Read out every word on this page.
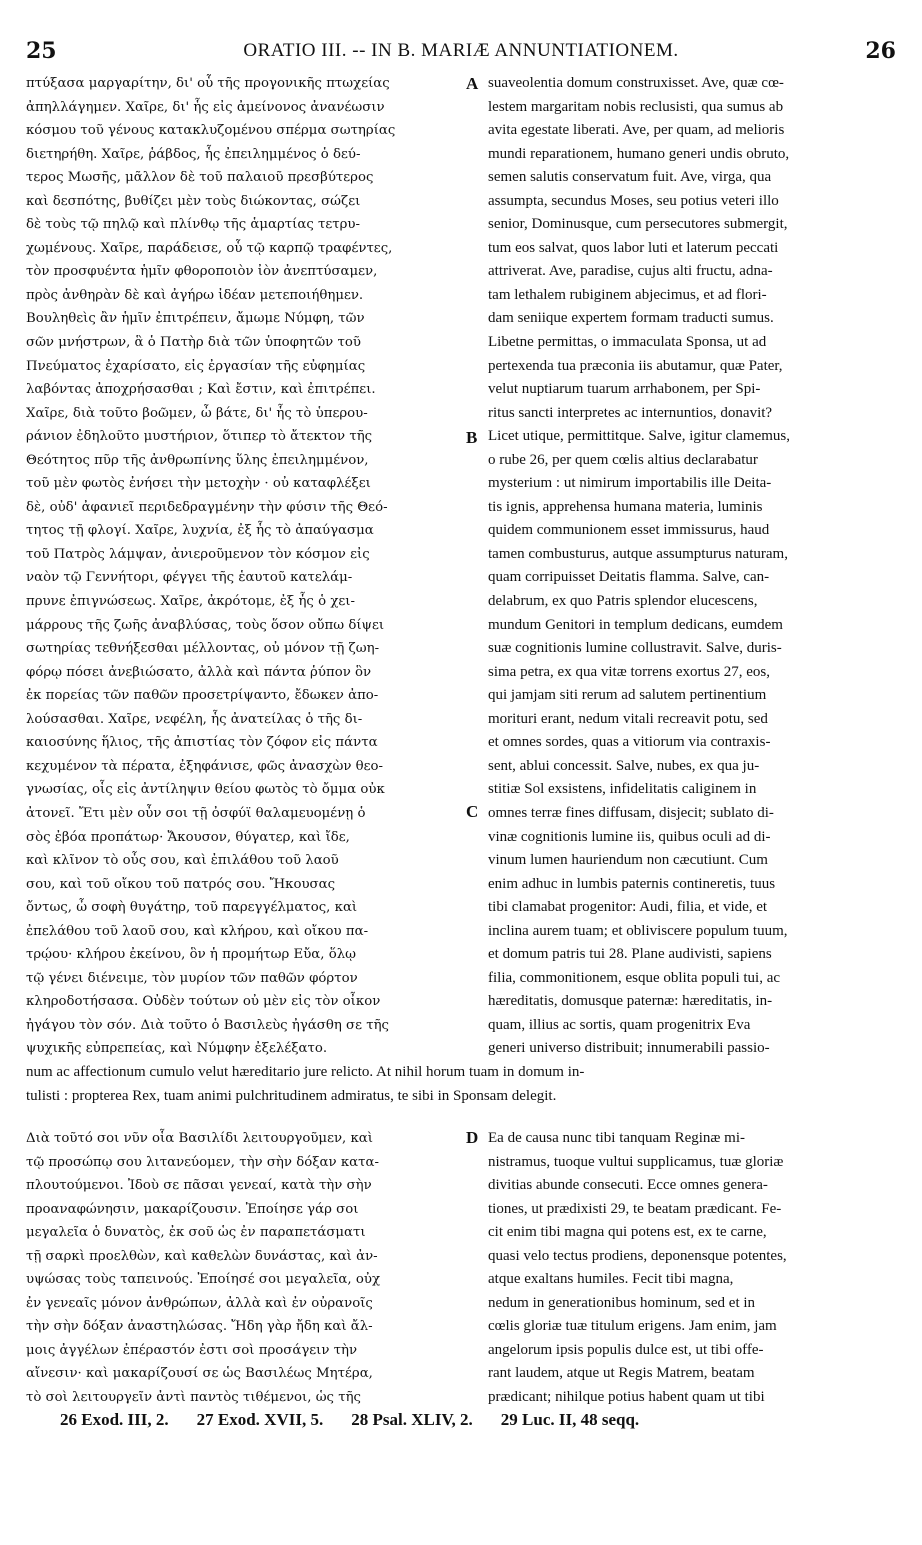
25	ORATIO III. -- IN B. MARIÆ ANNUNTIATIONEM.	26
πτύξασα μαργαρίτην, δι' οὗ τῆς προγονικῆς πτωχείας
ἀπηλλάγημεν. Χαῖρε, δι' ἧς εἰς ἀμείνονος ἀνανέωσιν
κόσμου τοῦ γένους κατακλυζομένου σπέρμα σωτηρίας
διετηρήθη. Χαῖρε, ῥάβδος, ἧς ἐπειλημμένος ὁ δεύ-
τερος Μωσῆς, μᾶλλον δὲ τοῦ παλαιοῦ πρεσβύτερος
καὶ δεσπότης, βυθίζει μὲν τοὺς διώκοντας, σώζει
δὲ τοὺς τῷ πηλῷ καὶ πλίνθῳ τῆς ἁμαρτίας τετρυ-
χωμένους. Χαῖρε, παράδεισε, οὗ τῷ καρπῷ τραφέντες,
τὸν προσφυέντα ἡμῖν φθοροποιὸν ἰὸν ἀνεπτύσαμεν,
πρὸς ἀνθηρὰν δὲ καὶ ἀγήρω ἰδέαν μετεποιήθημεν.
Βουληθεὶς ἂν ἡμῖν ἐπιτρέπειν, ἄμωμε Νύμφη, τῶν
σῶν μνήστρων, ἃ ὁ Πατὴρ διὰ τῶν ὑποφητῶν τοῦ
Πνεύματος ἐχαρίσατο, εἰς ἐργασίαν τῆς εὐφημίας
λαβόντας ἀποχρήσασθαι ; Καὶ ἔστιν, καὶ ἐπιτρέπει.
Χαῖρε, διὰ τοῦτο βοῶμεν, ὦ βάτε, δι' ἧς τὸ ὑπερου-
ράνιον ἐδηλοῦτο μυστήριον, ὅτιπερ τὸ ἄτεκτον τῆς
Θεότητος πῦρ τῆς ἀνθρωπίνης ὕλης ἐπειλημμένον,
τοῦ μὲν φωτὸς ἐνήσει τὴν μετοχὴν · οὐ καταφλέξει
δὲ, οὐδ' ἀφανιεῖ περιδεδραγμένην τὴν φύσιν τῆς Θεό-
τητος τῇ φλογί. Χαῖρε, λυχνία, ἐξ ἧς τὸ ἀπαύγασμα
τοῦ Πατρὸς λάμψαν, ἀνιεροῦμενον τὸν κόσμον εἰς
ναὸν τῷ Γεννήτορι, φέγγει τῆς ἑαυτοῦ κατελάμ-
πρυνε ἐπιγνώσεως. Χαῖρε, ἀκρότομε, ἐξ ἧς ὁ χει-
μάρρους τῆς ζωῆς ἀναβλύσας, τοὺς ὅσον οὔπω δίψει
σωτηρίας τεθνήξεσθαι μέλλοντας, οὐ μόνον τῇ ζωη-
φόρῳ πόσει ἀνεβιώσατο, ἀλλὰ καὶ πάντα ῥύπον ὃν
ἐκ πορείας τῶν παθῶν προσετρίψαντο, ἔδωκεν ἀπο-
λούσασθαι. Χαῖρε, νεφέλη, ἧς ἀνατείλας ὁ τῆς δι-
καιοσύνης ἥλιος, τῆς ἀπιστίας τὸν ζόφον εἰς πάντα
κεχυμένον τὰ πέρατα, ἐξηφάνισε, φῶς ἀνασχὼν θεο-
γνωσίας, οἷς εἰς ἀντίληψιν θείου φωτὸς τὸ ὄμμα οὐκ
ἀτονεῖ. Ἔτι μὲν οὖν σοι τῇ ὀσφύϊ θαλαμευομένῃ ὁ
σὸς ἐβόα προπάτωρ· Ἄκουσον, θύγατερ, καὶ ἴδε,
καὶ κλῖνον τὸ οὖς σου, καὶ ἐπιλάθου τοῦ λαοῦ
σου, καὶ τοῦ οἴκου τοῦ πατρός σου. Ἤκουσας
ὄντως, ὦ σοφὴ θυγάτηρ, τοῦ παρεγγέλματος, καὶ
ἐπελάθου τοῦ λαοῦ σου, καὶ κλήρου, καὶ οἴκου πα-
τρῴου· κλήρου ἐκείνου, ὃν ἡ προμήτωρ Εὔα, ὅλῳ
τῷ γένει διένειμε, τὸν μυρίον τῶν παθῶν φόρτον
κληροδοτήσασα. Οὐδὲν τούτων οὐ μὲν εἰς τὸν οἶκον
ἠγάγου τὸν σόν. Διὰ τοῦτο ὁ Βασιλεὺς ἠγάσθη σε τῆς
ψυχικῆς εὐπρεπείας, καὶ Νύμφην ἐξελέξατο.
suaveolentia domum construxisset. Ave, quæ cœ-
lestem margaritam nobis reclusisti, qua sumus ab
avita egestate liberati. Ave, per quam, ad melioris
mundi reparationem, humano generi undis obruto,
semen salutis conservatum fuit. Ave, virga, qua
assumpta, secundus Moses, seu potius veteri illo
senior, Dominusque, cum persecutores submergit,
tum eos salvat, quos labor luti et laterum peccati
attriverat. Ave, paradise, cujus alti fructu, adna-
tam lethalem rubiginem abjecimus, et ad flori-
dam seniique expertem formam traducti sumus.
Libetne permittas, o immaculata Sponsa, ut ad
pertexenda tua præconia iis abutamur, quæ Pater,
velut nuptiarum tuarum arrhabonem, per Spi-
ritus sancti interpretes ac internuntios, donavit?
Licet utique, permittitque. Salve, igitur clamemus,
o rube 26, per quem cœlis altius declarabatur
mysterium : ut nimirum importabilis ille Deita-
tis ignis, apprehensa humana materia, luminis
quidem communionem esset immissurus, haud
tamen combusturus, autque assumpturus naturam,
quam corripuisset Deitatis flamma. Salve, can-
delabrum, ex quo Patris splendor elucescens,
mundum Genitori in templum dedicans, eumdem
suæ cognitionis lumine collustravit. Salve, duris-
sima petra, ex qua vitæ torrens exortus 27, eos,
qui jamjam siti rerum ad salutem pertinentium
morituri erant, nedum vitali recreavit potu, sed
et omnes sordes, quas a vitiorum via contraxis-
sent, ablui concessit. Salve, nubes, ex qua ju-
stitiæ Sol exsistens, infidelitatis caliginem in
omnes terræ fines diffusam, disjecit; sublato di-
vinæ cognitionis lumine iis, quibus oculi ad di-
vinum lumen hauriendum non cæcutiunt. Cum
enim adhuc in lumbis paternis contineretis, tuus
tibi clamabat progenitor: Audi, filia, et vide, et
inclina aurem tuam; et obliviscere populum tuum,
et domum patris tui 28. Plane audivisti, sapiens
filia, commonitionem, esque oblita populi tui, ac
hæreditatis, domusque paternæ: hæreditatis, in-
quam, illius ac sortis, quam progenitrix Eva
generi universo distribuit; innumerabili passio-
num ac affectionum cumulo velut hæreditario jure relicto. At nihil horum tuam in domum in-
tulisti : propterea Rex, tuam animi pulchritudinem admiratus, te sibi in Sponsam delegit.
Διὰ τοῦτό σοι νῦν οἷα Βασιλίδι λειτουργοῦμεν, καὶ
τῷ προσώπῳ σου λιτανεύομεν, τὴν σὴν δόξαν κατα-
πλουτούμενοι. Ἰδοὺ σε πᾶσαι γενεαί, κατὰ τὴν σὴν
προαναφώνησιν, μακαρίζουσιν. Ἐποίησε γάρ σοι
μεγαλεῖα ὁ δυνατὸς, ἐκ σοῦ ὡς ἐν παραπετάσματι
τῇ σαρκὶ προελθὼν, καὶ καθελὼν δυνάστας, καὶ ἀν-
υψώσας τοὺς ταπεινούς. Ἐποίησέ σοι μεγαλεῖα, οὐχ
ἐν γενεαῖς μόνον ἀνθρώπων, ἀλλὰ καὶ ἐν οὐρανοῖς
τὴν σὴν δόξαν ἀναστηλώσας. Ἤδη γὰρ ἤδη καὶ ἄλ-
μοις ἀγγέλων ἐπέραστόν ἐστι σοὶ προσάγειν τὴν
αἴνεσιν· καὶ μακαρίζουσί σε ὡς Βασιλέως Μητέρα,
τὸ σοὶ λειτουργεῖν ἀντὶ παντὸς τιθέμενοι, ὡς τῆς
Ea de causa nunc tibi tanquam Reginæ mi-
nistramus, tuoque vultui supplicamus, tuæ gloriæ
divitias abunde consecuti. Ecce omnes genera-
tiones, ut prædixisti 29, te beatam prædicant. Fe-
cit enim tibi magna qui potens est, ex te carne,
quasi velo tectus prodiens, deponensque potentes,
atque exaltans humiles. Fecit tibi magna,
nedum in generationibus hominum, sed et in
cœlis gloriæ tuæ titulum erigens. Jam enim, jam
angelorum ipsis populis dulce est, ut tibi offe-
rant laudem, atque ut Regis Matrem, beatam
prædicant; nihilque potius habent quam ut tibi
A
B
C
D
26 Exod. III, 2. 27 Exod. XVII, 5. 28 Psal. XLIV, 2. 29 Luc. II, 48 seqq.
